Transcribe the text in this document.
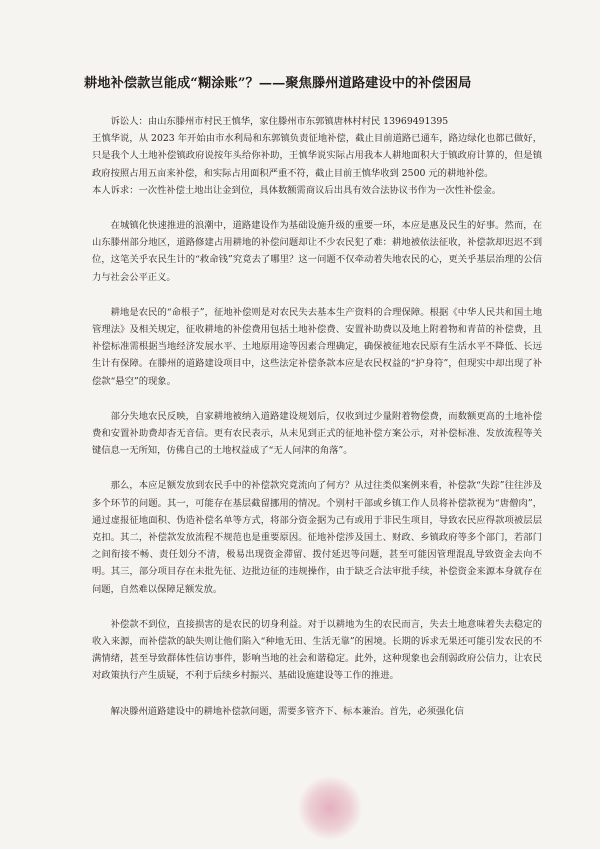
耕地补偿款岂能成“糊涂账”？——聚焦滕州道路建设中的补偿困局

诉讼人：由山东滕州市村民王慎华，家住滕州市东郭镇唐林村村民 13969491395

王慎华说，从 2023 年开始由市水利局和东郭镇负责征地补偿，截止目前道路已通车，路边绿化也都已做好，只是我个人土地补偿镇政府说按年头给你补助，王慎华说实际占用我本人耕地面积大于镇政府计算的，但是镇政府按照占用五亩来补偿，和实际占用面积严重不符，截止目前王慎华收到 2500 元的耕地补偿。

本人诉求：一次性补偿土地出让金到位，具体数额需商议后出具有效合法协议书作为一次性补偿金。

在城镇化快速推进的浪潮中，道路建设作为基础设施升级的重要一环，本应是惠及民生的好事。然而，在山东滕州部分地区，道路修建占用耕地的补偿问题却让不少农民犯了难：耕地被依法征收，补偿款却迟迟不到位，这笔关乎农民生计的“救命钱”究竟去了哪里？这一问题不仅牵动着失地农民的心，更关乎基层治理的公信力与社会公平正义。

耕地是农民的“命根子”，征地补偿则是对农民失去基本生产资料的合理保障。根据《中华人民共和国土地管理法》及相关规定，征收耕地的补偿费用包括土地补偿费、安置补助费以及地上附着物和青苗的补偿费，且补偿标准需根据当地经济发展水平、土地原用途等因素合理确定，确保被征地农民原有生活水平不降低、长远生计有保障。在滕州的道路建设项目中，这些法定补偿条款本应是农民权益的“护身符”，但现实中却出现了补偿款“悬空”的现象。

部分失地农民反映，自家耕地被纳入道路建设规划后，仅收到过少量附着物偿费，而数额更高的土地补偿费和安置补助费却杳无音信。更有农民表示，从未见到正式的征地补偿方案公示，对补偿标准、发放流程等关键信息一无所知，仿佛自己的土地权益成了“无人问津的角落”。

那么，本应足额发放到农民手中的补偿款究竟流向了何方？从过往类似案例来看，补偿款“失踪”往往涉及多个环节的问题。其一，可能存在基层截留挪用的情况。个别村干部或乡镇工作人员将补偿款视为“唐僧肉”，通过虚报征地面积、伪造补偿名单等方式，将部分资金据为己有或用于非民生项目，导致农民应得款项被层层克扣。其二，补偿款发放流程不规范也是重要原因。征地补偿涉及国土、财政、乡镇政府等多个部门，若部门之间衔接不畅、责任划分不清，极易出现资金滞留、拨付延迟等问题，甚至可能因管理混乱导致资金去向不明。其三，部分项目存在未批先征、边批边征的违规操作，由于缺乏合法审批手续，补偿资金来源本身就存在问题，自然难以保障足额发放。

补偿款不到位，直接损害的是农民的切身利益。对于以耕地为生的农民而言，失去土地意味着失去稳定的收入来源，而补偿款的缺失则让他们陷入“种地无田、生活无靠”的困境。长期的诉求无果还可能引发农民的不满情绪，甚至导致群体性信访事件，影响当地的社会和谐稳定。此外，这种现象也会削弱政府公信力，让农民对政策执行产生质疑，不利于后续乡村振兴、基础设施建设等工作的推进。

解决滕州道路建设中的耕地补偿款问题，需要多管齐下、标本兼治。首先，必须强化信
